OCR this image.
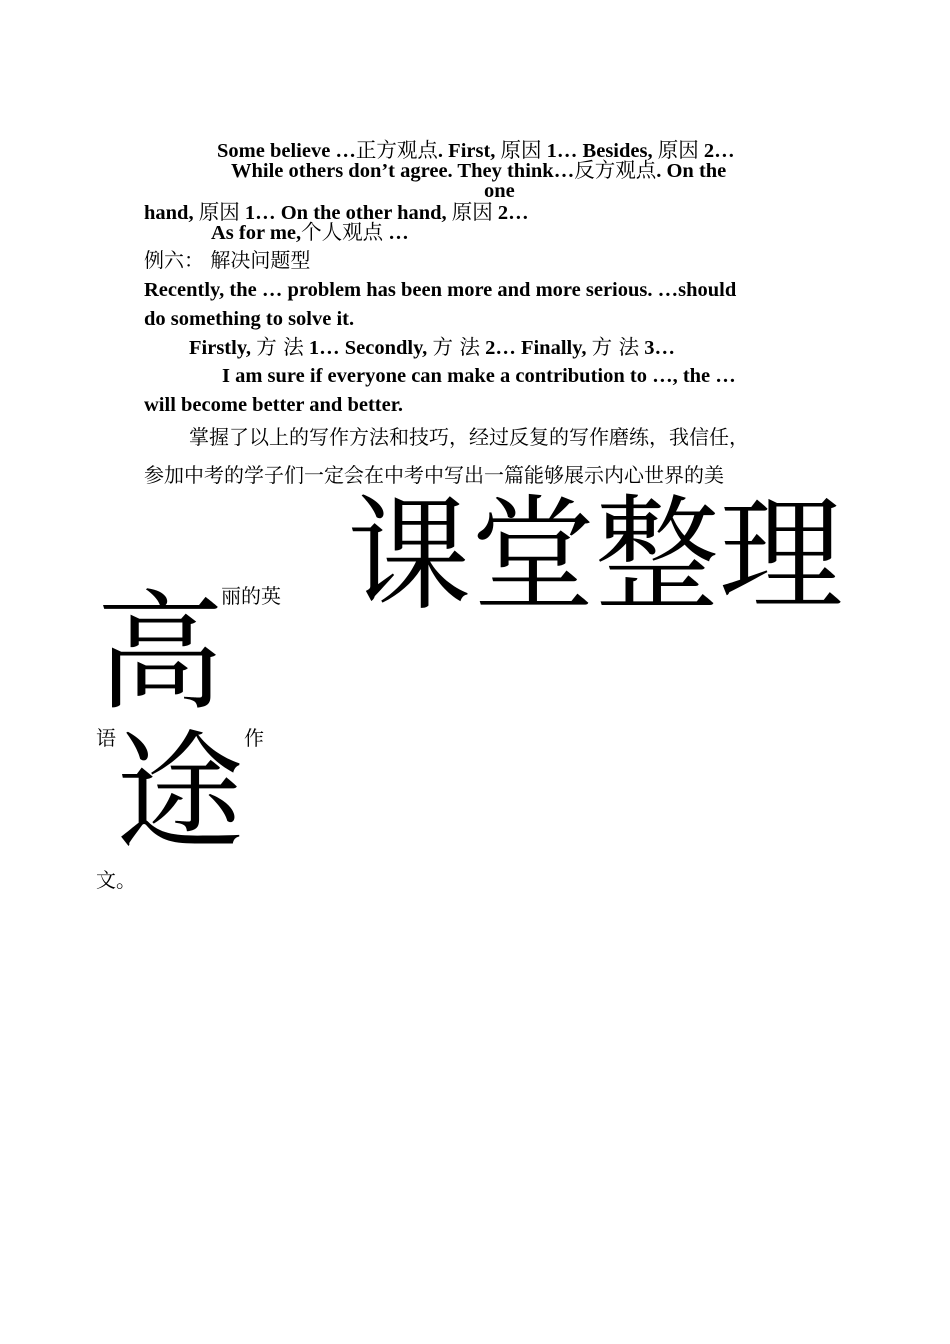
Some believe …正方观点. First, 原因 1… Besides, 原因 2…
While others don’t agree. They think…反方观点. On the
one
hand, 原因 1… On the other hand, 原因 2…
As for me,个人观点 …
例六： 解决问题型
Recently, the … problem has been more and more serious. …should
do something to solve it.
Firstly, 方 法 1… Secondly, 方 法 2… Finally, 方 法 3…
I am sure if everyone can make a contribution to …, the …
will become better and better.
掌握了以上的写作方法和技巧，经过反复的写作磨练，我信任，
参加中考的学子们一定会在中考中写出一篇能够展示内心世界的美
课堂整理
丽的英
高
语	作
途
文。
